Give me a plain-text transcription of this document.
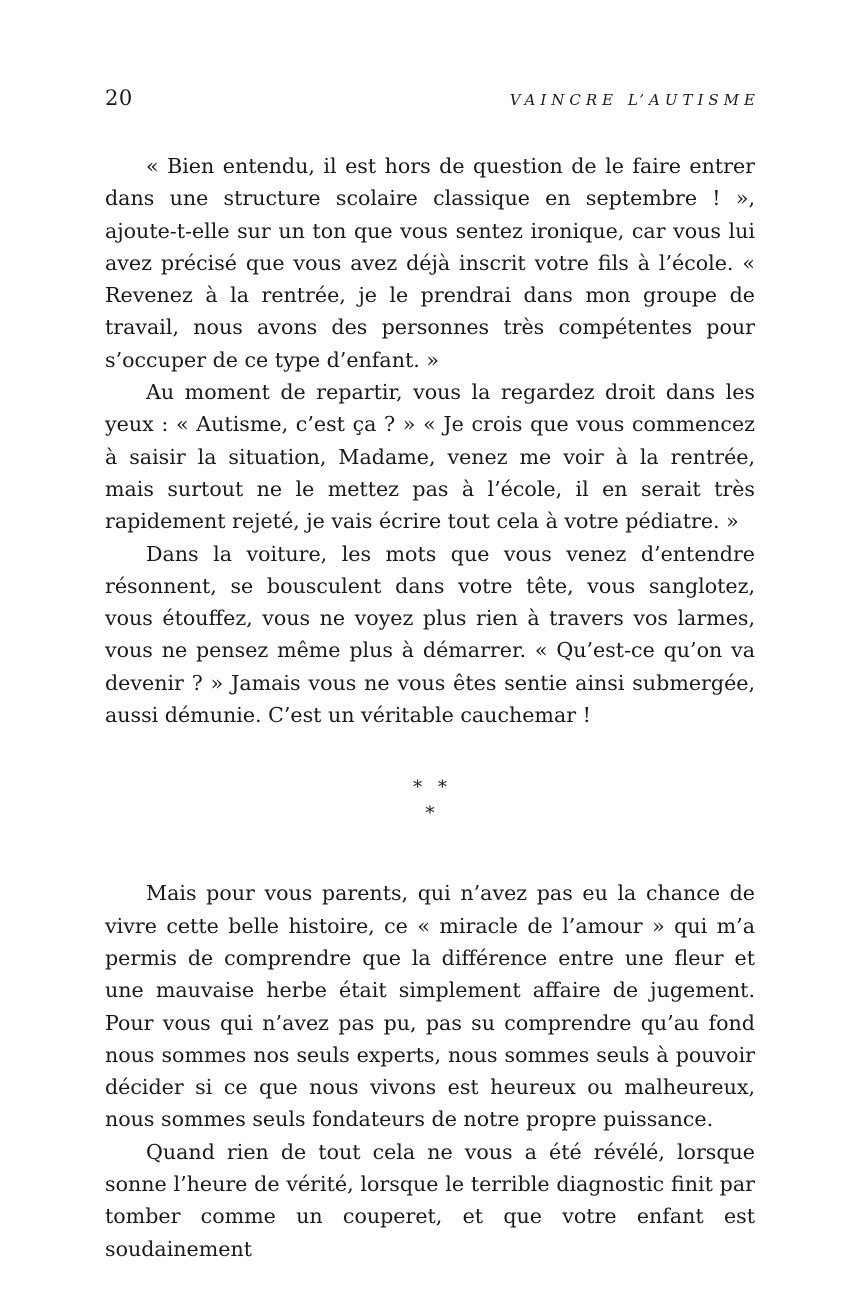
20	VAINCRE L’AUTISME

« Bien entendu, il est hors de question de le faire entrer dans une structure scolaire classique en septembre ! », ajoute-t-elle sur un ton que vous sentez ironique, car vous lui avez précisé que vous avez déjà inscrit votre fils à l’école. « Revenez à la rentrée, je le prendrai dans mon groupe de travail, nous avons des personnes très compétentes pour s’occuper de ce type d’enfant. »

Au moment de repartir, vous la regardez droit dans les yeux : « Autisme, c’est ça ? » « Je crois que vous commencez à saisir la situation, Madame, venez me voir à la rentrée, mais surtout ne le mettez pas à l’école, il en serait très rapidement rejeté, je vais écrire tout cela à votre pédiatre. »

Dans la voiture, les mots que vous venez d’entendre résonnent, se bousculent dans votre tête, vous sanglotez, vous étouffez, vous ne voyez plus rien à travers vos larmes, vous ne pensez même plus à démarrer. « Qu’est-ce qu’on va devenir ? » Jamais vous ne vous êtes sentie ainsi submergée, aussi démunie. C’est un véritable cauchemar !

* *
*

Mais pour vous parents, qui n’avez pas eu la chance de vivre cette belle histoire, ce « miracle de l’amour » qui m’a permis de comprendre que la différence entre une fleur et une mauvaise herbe était simplement affaire de jugement. Pour vous qui n’avez pas pu, pas su comprendre qu’au fond nous sommes nos seuls experts, nous sommes seuls à pouvoir décider si ce que nous vivons est heureux ou malheureux, nous sommes seuls fondateurs de notre propre puissance.

Quand rien de tout cela ne vous a été révélé, lorsque sonne l’heure de vérité, lorsque le terrible diagnostic finit par tomber comme un couperet, et que votre enfant est soudainement
